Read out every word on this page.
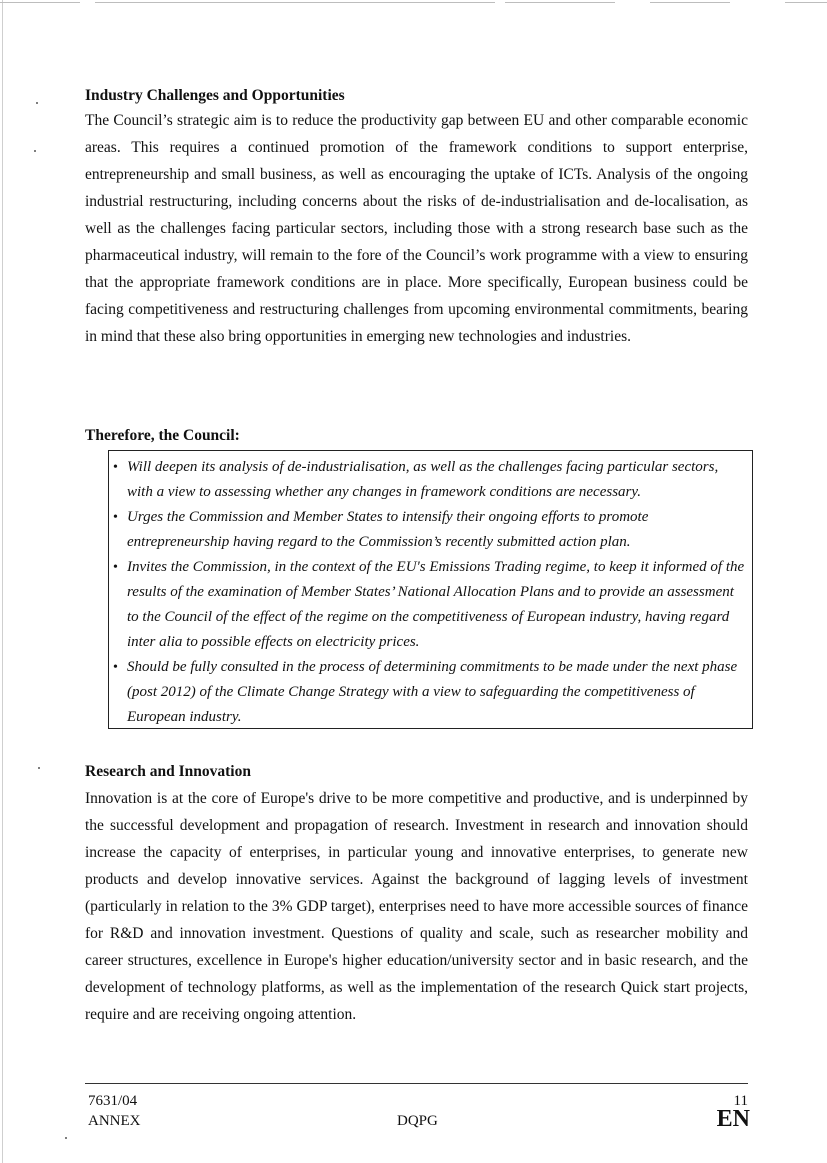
Industry Challenges and Opportunities

The Council’s strategic aim is to reduce the productivity gap between EU and other comparable economic areas. This requires a continued promotion of the framework conditions to support enterprise, entrepreneurship and small business, as well as encouraging the uptake of ICTs. Analysis of the ongoing industrial restructuring, including concerns about the risks of de-industrialisation and de-localisation, as well as the challenges facing particular sectors, including those with a strong research base such as the pharmaceutical industry, will remain to the fore of the Council’s work programme with a view to ensuring that the appropriate framework conditions are in place. More specifically, European business could be facing competitiveness and restructuring challenges from upcoming environmental commitments, bearing in mind that these also bring opportunities in emerging new technologies and industries.

Therefore, the Council:
• Will deepen its analysis of de-industrialisation, as well as the challenges facing particular sectors, with a view to assessing whether any changes in framework conditions are necessary.
• Urges the Commission and Member States to intensify their ongoing efforts to promote entrepreneurship having regard to the Commission’s recently submitted action plan.
• Invites the Commission, in the context of the EU's Emissions Trading regime, to keep it informed of the results of the examination of Member States’ National Allocation Plans and to provide an assessment to the Council of the effect of the regime on the competitiveness of European industry, having regard inter alia to possible effects on electricity prices.
• Should be fully consulted in the process of determining commitments to be made under the next phase (post 2012) of the Climate Change Strategy with a view to safeguarding the competitiveness of European industry.
Research and Innovation

Innovation is at the core of Europe's drive to be more competitive and productive, and is underpinned by the successful development and propagation of research. Investment in research and innovation should increase the capacity of enterprises, in particular young and innovative enterprises, to generate new products and develop innovative services. Against the background of lagging levels of investment (particularly in relation to the 3% GDP target), enterprises need to have more accessible sources of finance for R&D and innovation investment. Questions of quality and scale, such as researcher mobility and career structures, excellence in Europe's higher education/university sector and in basic research, and the development of technology platforms, as well as the implementation of the research Quick start projects, require and are receiving ongoing attention.

7631/04
ANNEX	DQPG
11
EN
